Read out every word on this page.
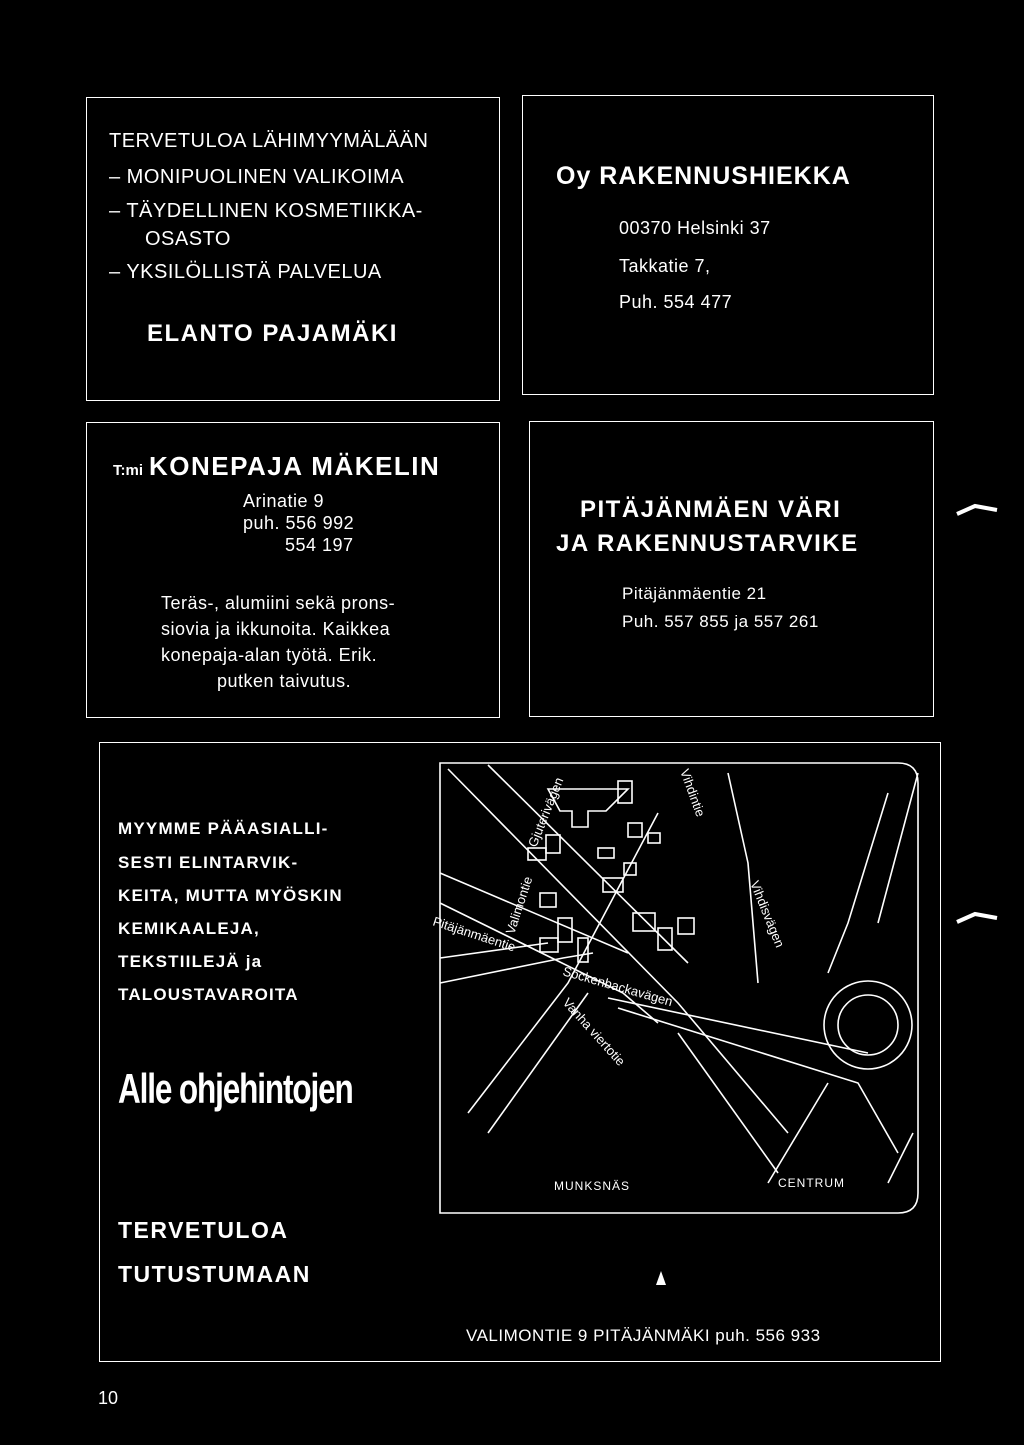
TERVETULOA LÄHIMYYMÄLÄÄN
– MONIPUOLINEN VALIKOIMA
– TÄYDELLINEN KOSMETIIKKA-
OSASTO
– YKSILÖLLISTÄ PALVELUA
ELANTO PAJAMÄKI
Oy RAKENNUSHIEKKA
00370 Helsinki 37
Takkatie 7,
Puh. 554 477
T:mi KONEPAJA MÄKELIN
Arinatie 9
puh. 556 992
554 197
Teräs-, alumiini sekä prons-
siovia ja ikkunoita. Kaikkea
konepaja-alan työtä. Erik.
putken taivutus.
PITÄJÄNMÄEN VÄRI
JA RAKENNUSTARVIKE
Pitäjänmäentie 21
Puh. 557 855 ja 557 261
MYYMME PÄÄASIALLI-
SESTI ELINTARVIK-
KEITA, MUTTA MYÖSKIN
KEMIKAALEJA,
TEKSTIILEJÄ ja
TALOUSTAVAROITA
Alle ohjehintojen
TERVETULOA
TUTUSTUMAAN
VALIMONTIE 9 PITÄJÄNMÄKI puh. 556 933
Gjuterivägen
Valimontie
Pitäjänmäentie
Sockenbackavägen
Vanha viertotie
Vihdintie
Vihdisvägen
MUNKSNÄS	CENTRUM
10
